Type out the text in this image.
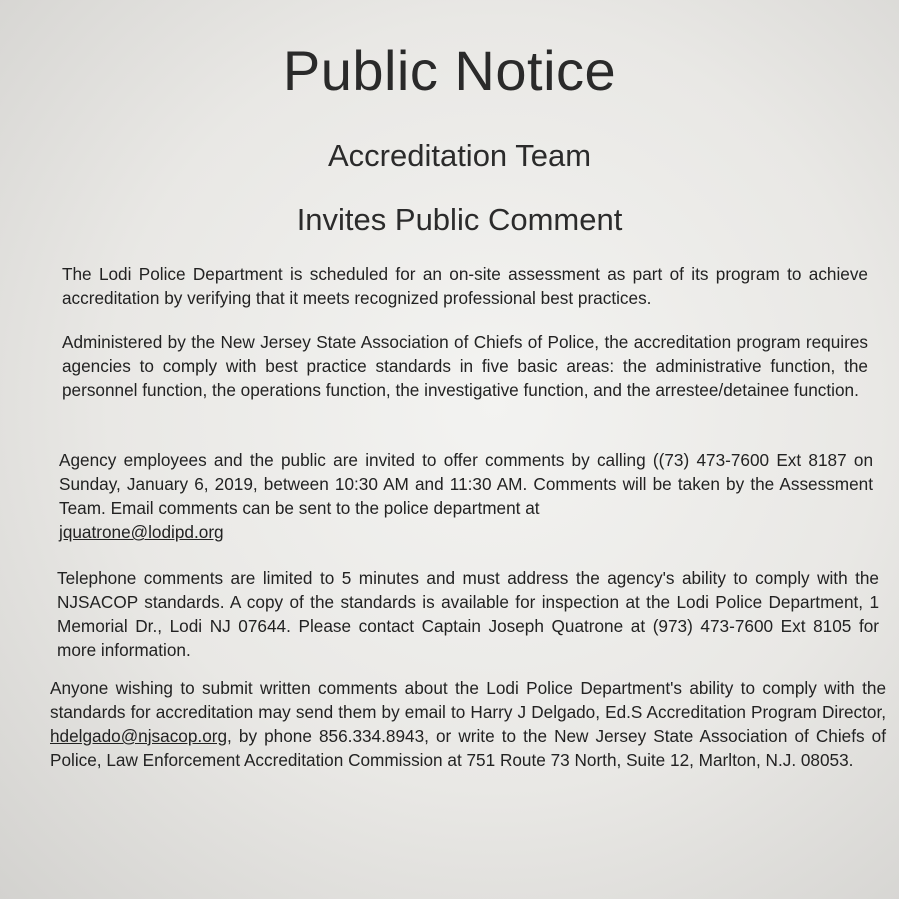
Public Notice
Accreditation Team
Invites Public Comment
The Lodi Police Department is scheduled for an on-site assessment as part of its program to achieve accreditation by verifying that it meets recognized professional best practices.
Administered by the New Jersey State Association of Chiefs of Police, the accreditation program requires agencies to comply with best practice standards in five basic areas: the administrative function, the personnel function, the operations function, the investigative function, and the arrestee/detainee function.
Agency employees and the public are invited to offer comments by calling ((73) 473-7600 Ext 8187 on Sunday, January 6, 2019, between 10:30 AM and 11:30 AM. Comments will be taken by the Assessment Team. Email comments can be sent to the police department at
jquatrone@lodipd.org
Telephone comments are limited to 5 minutes and must address the agency's ability to comply with the NJSACOP standards. A copy of the standards is available for inspection at the Lodi Police Department, 1 Memorial Dr., Lodi NJ 07644. Please contact Captain Joseph Quatrone at (973) 473-7600 Ext 8105 for more information.
Anyone wishing to submit written comments about the Lodi Police Department's ability to comply with the standards for accreditation may send them by email to Harry J Delgado, Ed.S Accreditation Program Director, hdelgado@njsacop.org, by phone 856.334.8943, or write to the New Jersey State Association of Chiefs of Police, Law Enforcement Accreditation Commission at 751 Route 73 North, Suite 12, Marlton, N.J. 08053.
